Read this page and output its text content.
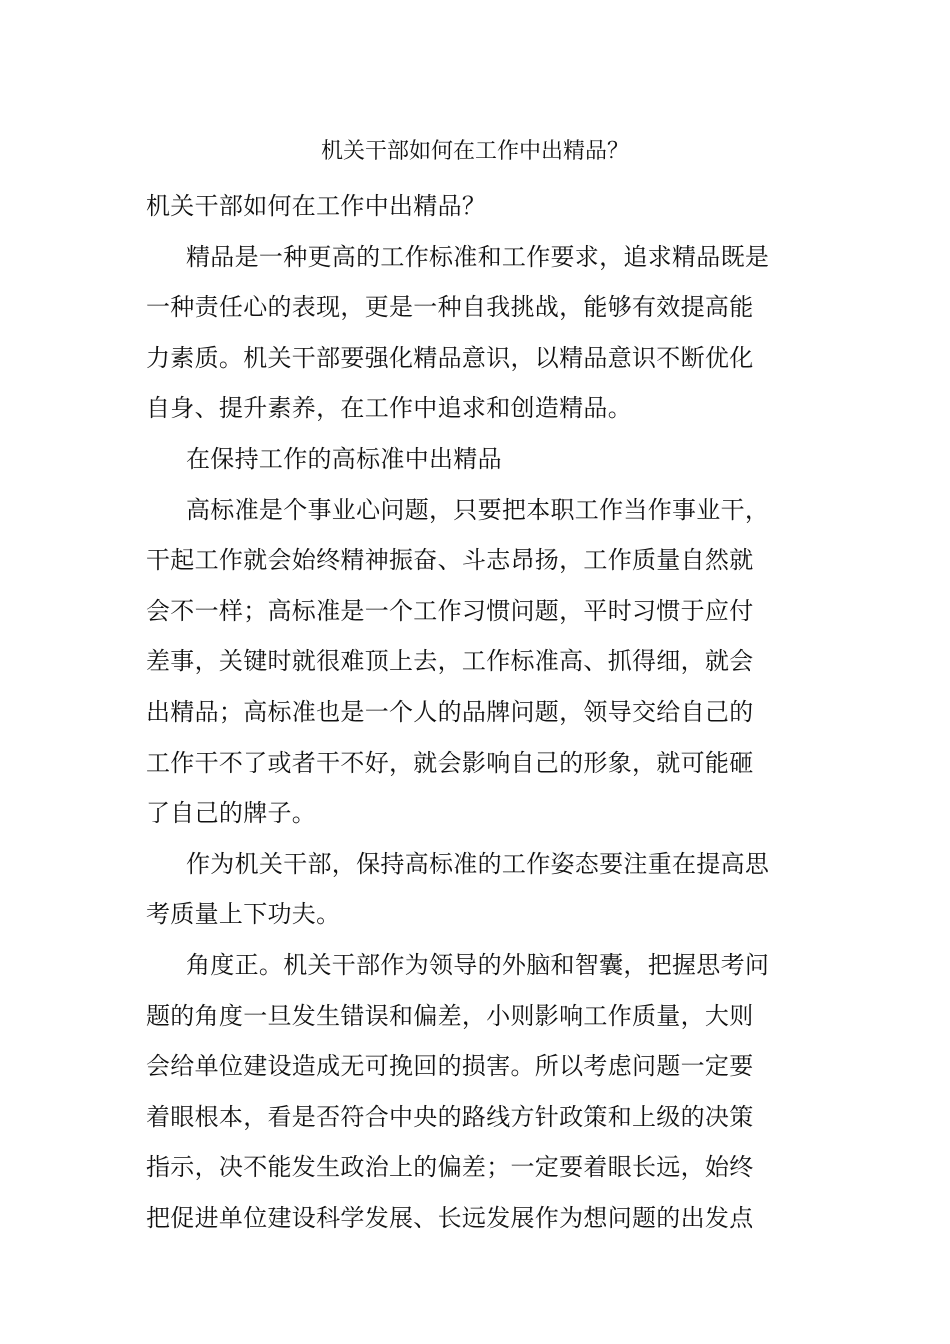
机关干部如何在工作中出精品？
机关干部如何在工作中出精品？
精品是一种更高的工作标准和工作要求，追求精品既是
一种责任心的表现，更是一种自我挑战，能够有效提高能
力素质。机关干部要强化精品意识，以精品意识不断优化
自身、提升素养，在工作中追求和创造精品。
在保持工作的高标准中出精品
高标准是个事业心问题，只要把本职工作当作事业干，
干起工作就会始终精神振奋、斗志昂扬，工作质量自然就
会不一样；高标准是一个工作习惯问题，平时习惯于应付
差事，关键时就很难顶上去，工作标准高、抓得细，就会
出精品；高标准也是一个人的品牌问题，领导交给自己的
工作干不了或者干不好，就会影响自己的形象，就可能砸
了自己的牌子。
作为机关干部，保持高标准的工作姿态要注重在提高思
考质量上下功夫。
角度正。机关干部作为领导的外脑和智囊，把握思考问
题的角度一旦发生错误和偏差，小则影响工作质量，大则
会给单位建设造成无可挽回的损害。所以考虑问题一定要
着眼根本，看是否符合中央的路线方针政策和上级的决策
指示，决不能发生政治上的偏差；一定要着眼长远，始终
把促进单位建设科学发展、长远发展作为想问题的出发点
